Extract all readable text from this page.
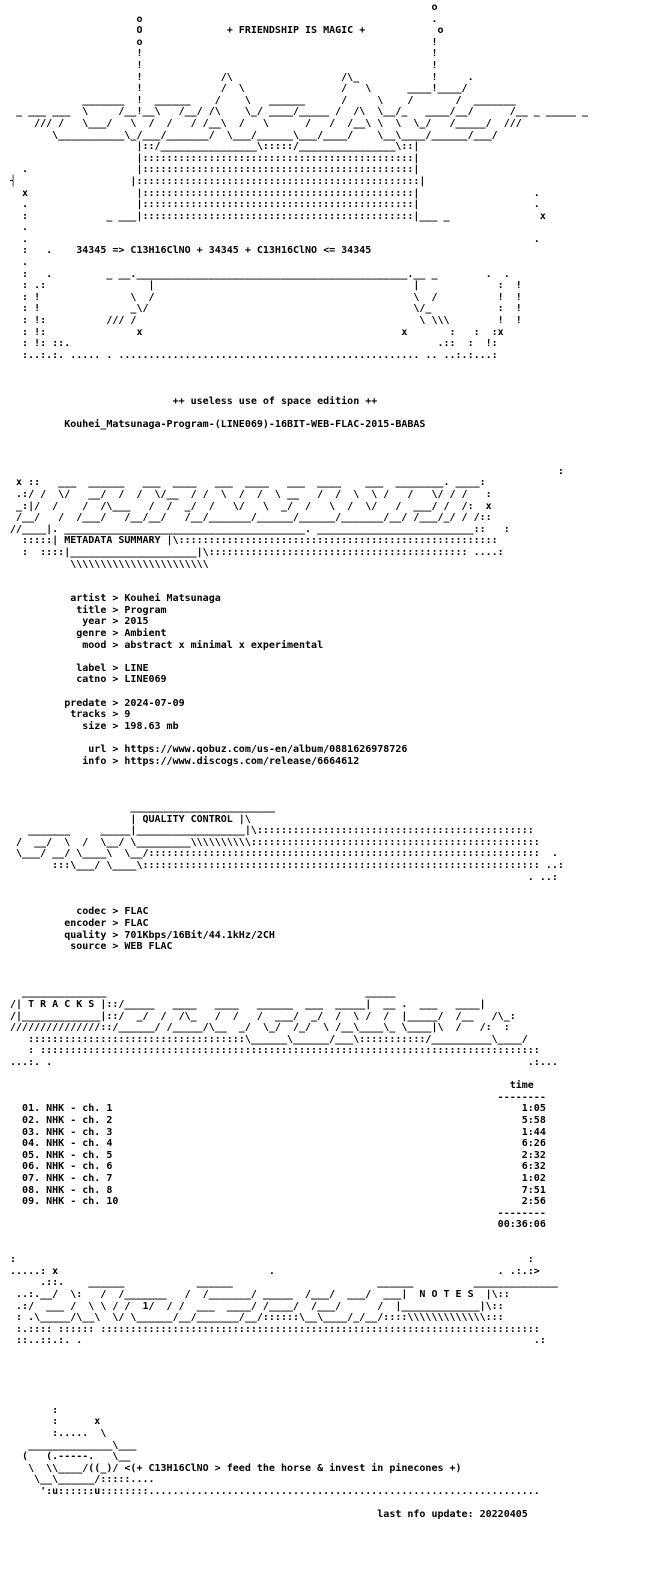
o
o                                                .
O              + FRIENDSHIP IS MAGIC +            o
o                                                !
!                                                !
!                                                !
!             /\                  /\_            !     .
!             /  \                /   \      ____!____/
_______  !  ______    /    \   ______      /     \    /       /  _______
_ ___ ___  \     /__!__\   /__/ /\    \_/ ____/_____ /  /\  \__/_   ____/__/      /__ _ _____ _
/// /   \___/   \  /  /   / /__\  /   \      /   /  /__\ \  \  \_/   /_____/  ///
\___________\_/___/_______/  \___/______\___/____/    \__\____/______/___/
|::/________________\:::::/________________\::|
|:::::::::::::::::::::::::::::::::::::::::::::|
.                  |:::::::::::::::::::::::::::::::::::::::::::::|
┤                   |:::::::::::::::::::::::::::::::::::::::::::::::|
x                  |:::::::::::::::::::::::::::::::::::::::::::::|                   .
.                  |:::::::::::::::::::::::::::::::::::::::::::::|                   .
:             _ ___|:::::::::::::::::::::::::::::::::::::::::::::|___ _               x
.
.                                                                                    .
:   .    34345 => C13H16ClNO + 34345 + C13H16ClNO <= 34345
.
:   .         _ __._____________________________________________.__ _        .  .
: .:                 |                                           |             :  !
: !               \  /                                           \  /          !  !
: !               _\/                                            \/_           :  !
: !:          /// /                                               \ \\\        !  !
: !:               x                                           x       :   :  :x
: !: ::.                                                             .::  :  !:
:..:.:. ..... . .................................................. .. ..:.:...:

++ useless use of space edition ++

Kouhei_Matsunaga-Program-(LINE069)-16BIT-WEB-FLAC-2015-BABAS

:
x ::   ___  ______   ___  ____   ___  ____   ___  ____    ___  ________. ____:
.:/ /  \/   __/  /  /  \/__  / /  \  /  /  \ __   /  /  \  \ /   /   \/ / /   :
_:|/  /    /  /\___   /  /  _/  /   \/   \  _/  /   \  /  \/   /  ___/ /  /:  x
/__/   /  /___/   /__/__/   /__/_______/______/______/_______/__/ /___/_/ / /::
//____|. ________________________________________. __________________________::   :
:::::| METADATA SUMMARY |\:::::::::::::::::::::::::::::::::::::::::::::::::::::
:  ::::|_____________________|\::::::::::::::::::::::::::::::::::::::::::: ....:
\\\\\\\\\\\\\\\\\\\\\\\

artist > Kouhei Matsunaga
title > Program
year > 2015
genre > Ambient
mood > abstract x minimal x experimental

label > LINE
catno > LINE069

predate > 2024-07-09
tracks > 9
size > 198.63 mb

url > https://www.qobuz.com/us-en/album/0881626978726
info > https://www.discogs.com/release/6664612

________________________
| QUALITY CONTROL |\
_______     _____|__________________|\::::::::::::::::::::::::::::::::::::::::::::::
/  __/  \  /  \__/ \_________\\\\\\\\\\::::::::::::::::::::::::::::::::::::::::::::::::
\___/ __/ \____\  \__/:::::::::::::::::::::::::::::::::::::::::::::::::::::::::::::::::  .
:::\___/ \____\:::::::::::::::::::::::::::::::::::::::::::::::::::::::::::::::::: ..:
. ..:

codec > FLAC
encoder > FLAC
quality > 701Kbps/16Bit/44.1kHz/2CH
source > WEB FLAC

______________                                           _____
/| T R A C K S |::/_____   ____   ____   ______  ___  _____|  __ .  ___   ____|
/|_____________|::/  _/  /  /\_   /  /   /  ___/  _/  /  \ /  /  |_____/  /__   /\_:
///////////////::/______/ /_____/\__  _/  \_/  /_/  \ /__\____\_ \____|\  /   /:  :
::::::::::::::::::::::::::::::::::::\______\______/___\:::::::::::/__________\____/
: :::::::::::::::::::::::::::::::::::::::::::::::::::::::::::::::::::::::::::::::::::
...:. .                                                                               .:...

time
--------
01. NHK - ch. 1                                                                    1:05
02. NHK - ch. 2                                                                    5:58
03. NHK - ch. 3                                                                    1:44
04. NHK - ch. 4                                                                    6:26
05. NHK - ch. 5                                                                    2:32
06. NHK - ch. 6                                                                    6:32
07. NHK - ch. 7                                                                    1:02
08. NHK - ch. 8                                                                    7:51
09. NHK - ch. 10                                                                   2:56
--------
00:36:06

:                                                                                     :
.....: x                                   .                                     . .:.:>
.::.    ______            ______                        ______          ______________
..:.__/  \:   /  /_______   /  /_______/ _____  /___/  ___/  ___|  N O T E S  |\::
.:/  ___ /  \ \ / /  1/  / /  ___  ____/ /____/  /___/      /  |_____________|\::
: .\_____/\__\  \/ \______/__/_______/__/::::::\__\____/_/__/::::\\\\\\\\\\\\\:::
:.:::: :::::: :::::::::::::::::::::::::::::::::::::::::::::::::::::::::::::::::::::::::
::..::.:. .                                                                           .:

:
:      x
:.....  \
______________\___
(   (.-----.   \__
\  \\____/((_)/ <(+ C13H16ClNO > feed the horse & invest in pinecones +)
\__\______/:::::....
':u::::::u::::::::.................................................................

last nfo update: 20220405
